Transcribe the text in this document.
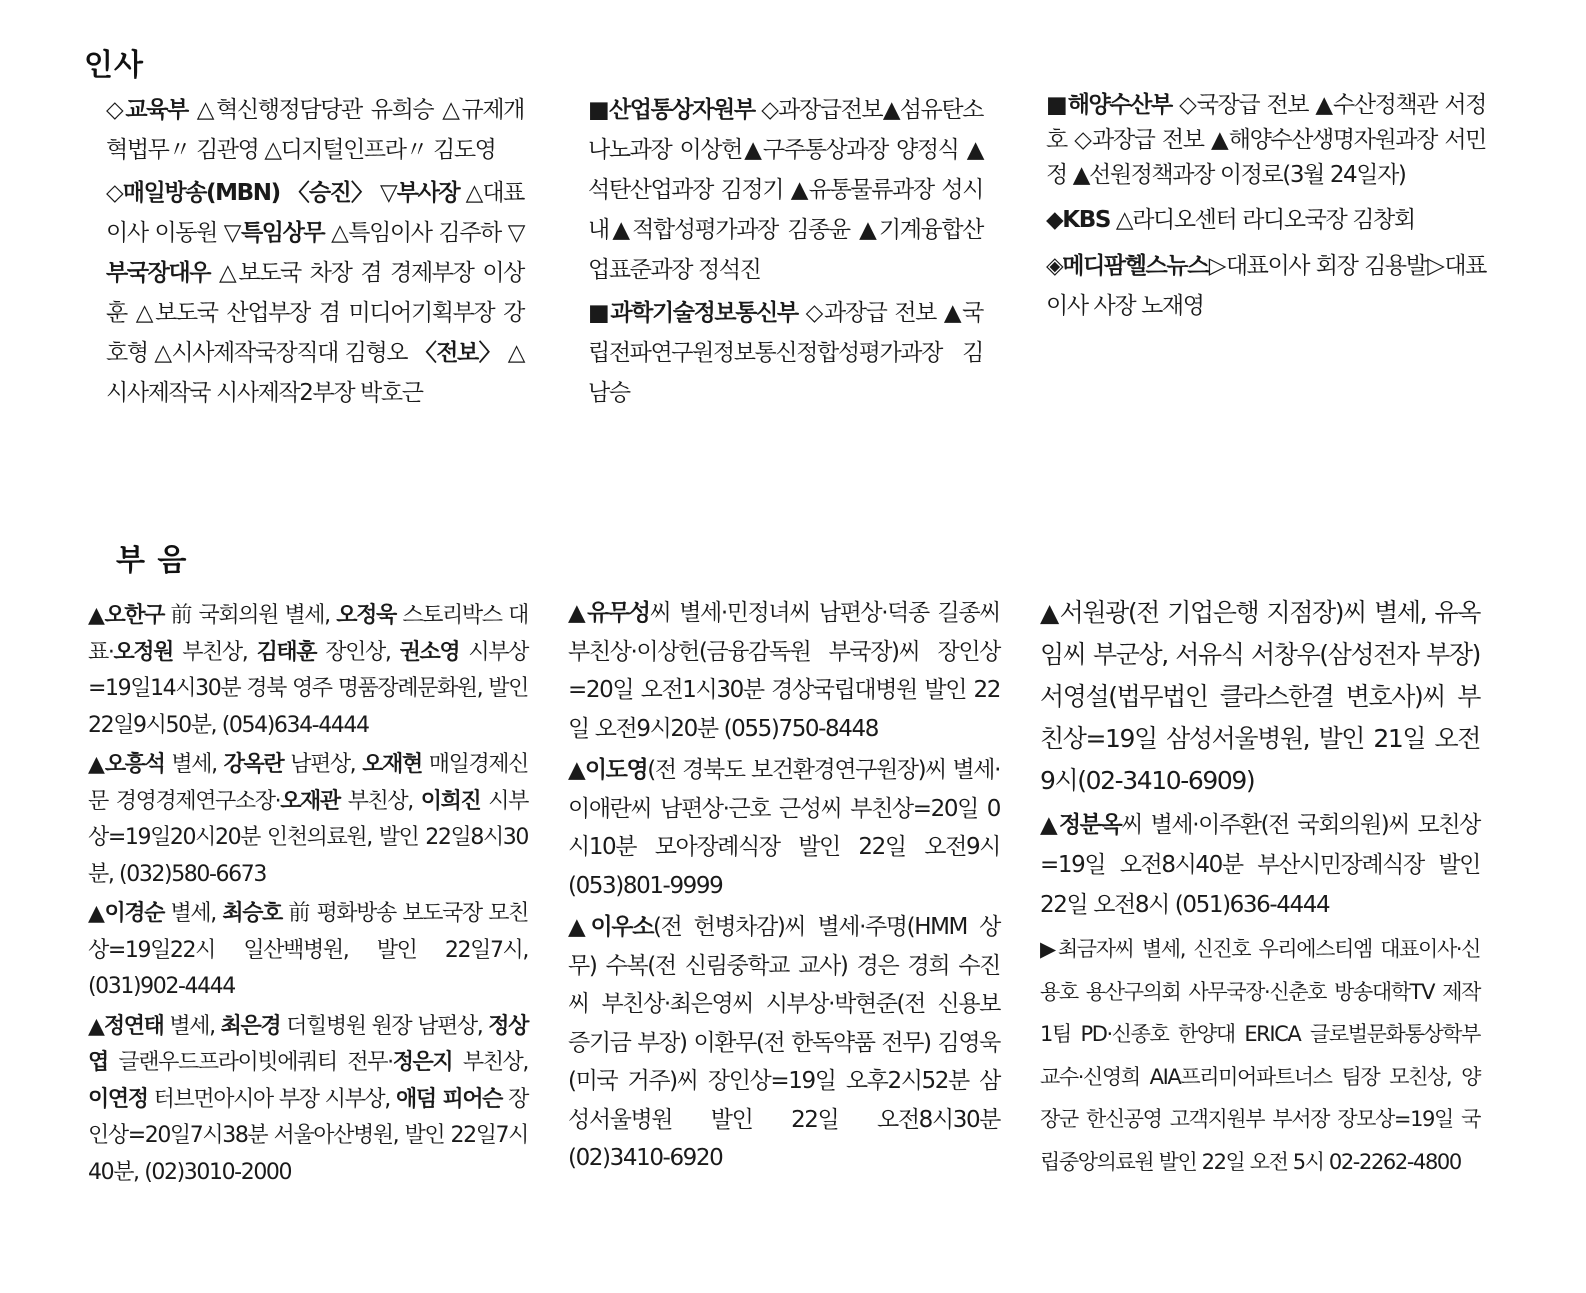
인사

◇교육부 △혁신행정담당관 유희승 △규제개혁법무〃 김관영 △디지털인프라〃 김도영

◇매일방송(MBN) 〈승진〉 ▽부사장 △대표이사 이동원 ▽특임상무 △특임이사 김주하 ▽부국장대우 △보도국 차장 겸 경제부장 이상훈 △보도국 산업부장 겸 미디어기획부장 강호형 △시사제작국장직대 김형오 〈전보〉 △시사제작국 시사제작2부장 박호근

■산업통상자원부 ◇과장급전보▲섬유탄소나노과장 이상헌▲구주통상과장 양정식 ▲석탄산업과장 김정기 ▲유통물류과장 성시내▲적합성평가과장 김종윤 ▲기계융합산업표준과장 정석진

■과학기술정보통신부 ◇과장급 전보 ▲국립전파연구원정보통신정합성평가과장 김남승

■해양수산부 ◇국장급 전보 ▲수산정책관 서정호 ◇과장급 전보 ▲해양수산생명자원과장 서민정 ▲선원정책과장 이정로(3월 24일자)

◆KBS △라디오센터 라디오국장 김창회

◈메디팜헬스뉴스▷대표이사 회장 김용발▷대표이사 사장 노재영

부 음

▲오한구 前 국회의원 별세, 오정욱 스토리박스 대표·오정원 부친상, 김태훈 장인상, 권소영 시부상=19일14시30분 경북 영주 명품장례문화원, 발인 22일9시50분, (054)634-4444

▲오흥석 별세, 강옥란 남편상, 오재현 매일경제신문 경영경제연구소장·오재관 부친상, 이희진 시부상=19일20시20분 인천의료원, 발인 22일8시30분, (032)580-6673

▲이경순 별세, 최승호 前 평화방송 보도국장 모친상=19일22시 일산백병원, 발인 22일7시, (031)902-4444

▲정연태 별세, 최은경 더힐병원 원장 남편상, 정상엽 글랜우드프라이빗에쿼티 전무·정은지 부친상, 이연정 터브먼아시아 부장 시부상, 애덤 피어슨 장인상=20일7시38분 서울아산병원, 발인 22일7시40분, (02)3010-2000

▲유무성씨 별세·민정녀씨 남편상·덕종 길종씨 부친상·이상헌(금융감독원 부국장)씨 장인상=20일 오전1시30분 경상국립대병원 발인 22일 오전9시20분 (055)750-8448

▲이도영(전 경북도 보건환경연구원장)씨 별세·이애란씨 남편상·근호 근성씨 부친상=20일 0시10분 모아장례식장 발인 22일 오전9시 (053)801-9999

▲이우소(전 헌병차감)씨 별세·주명(HMM 상무) 수복(전 신림중학교 교사) 경은 경희 수진씨 부친상·최은영씨 시부상·박현준(전 신용보증기금 부장) 이환무(전 한독약품 전무) 김영욱(미국 거주)씨 장인상=19일 오후2시52분 삼성서울병원 발인 22일 오전8시30분 (02)3410-6920

▲서원광(전 기업은행 지점장)씨 별세, 유옥임씨 부군상, 서유식 서창우(삼성전자 부장) 서영설(법무법인 클라스한결 변호사)씨 부친상=19일 삼성서울병원, 발인 21일 오전 9시(02-3410-6909)

▲정분옥씨 별세·이주환(전 국회의원)씨 모친상=19일 오전8시40분 부산시민장례식장 발인 22일 오전8시 (051)636-4444

▶최금자씨 별세, 신진호 우리에스티엠 대표이사·신용호 용산구의회 사무국장·신춘호 방송대학TV 제작1팀 PD·신종호 한양대 ERICA 글로벌문화통상학부 교수·신영희 AIA프리미어파트너스 팀장 모친상, 양장군 한신공영 고객지원부 부서장 장모상=19일 국립중앙의료원 발인 22일 오전 5시 02-2262-4800
